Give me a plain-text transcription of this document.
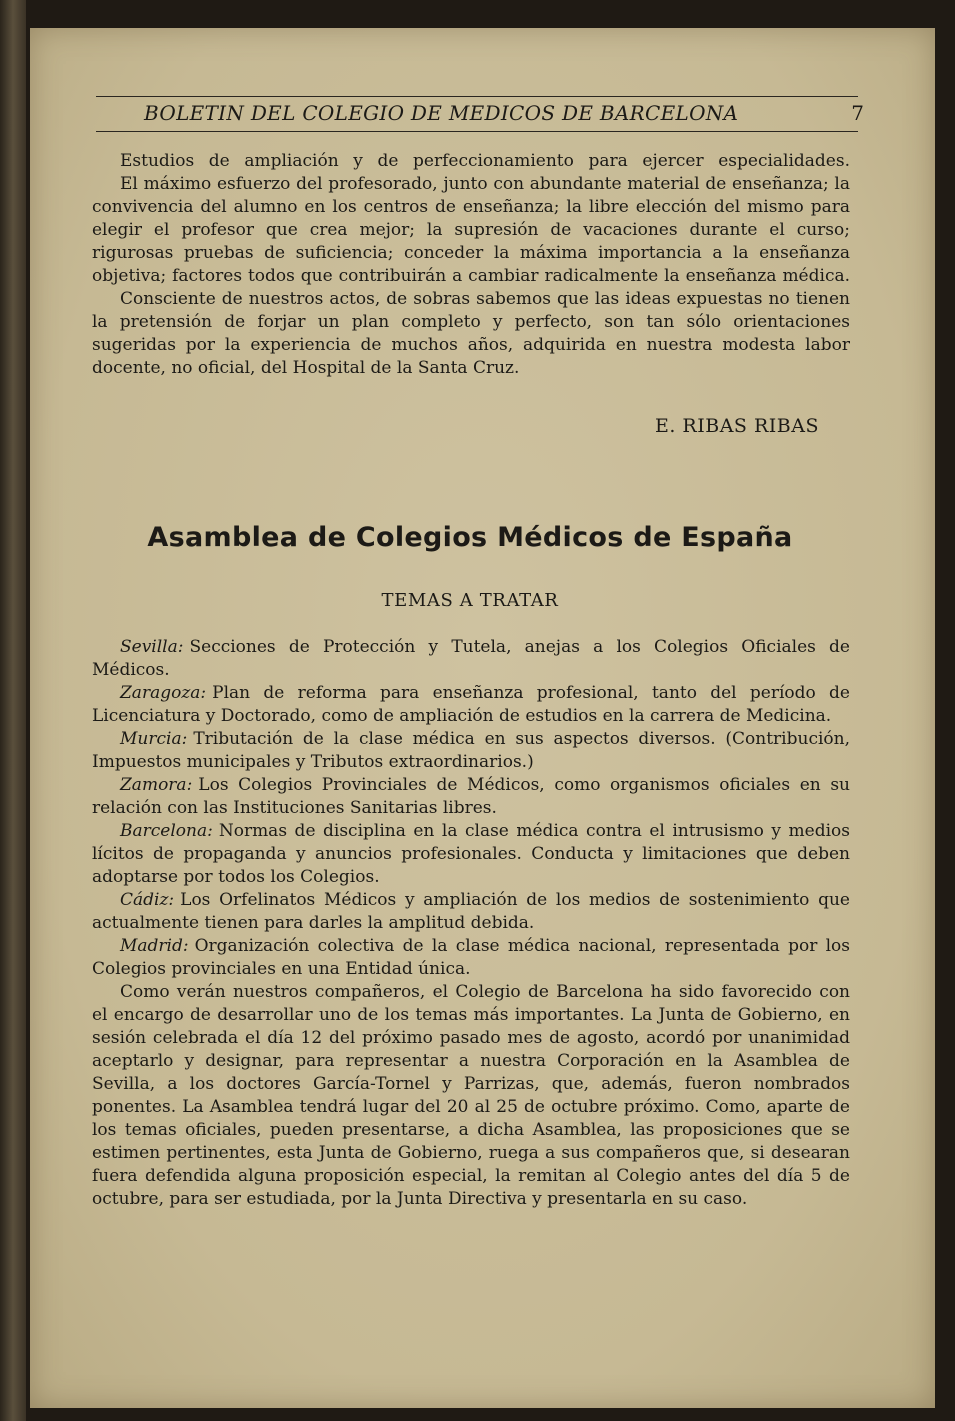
BOLETIN DEL COLEGIO DE MEDICOS DE BARCELONA	7

Estudios de ampliación y de perfeccionamiento para ejercer especialidades.

El máximo esfuerzo del profesorado, junto con abundante material de enseñanza; la convivencia del alumno en los centros de enseñanza; la libre elección del mismo para elegir el profesor que crea mejor; la supresión de vacaciones durante el curso; rigurosas pruebas de suficiencia; conceder la máxima importancia a la enseñanza objetiva; factores todos que contribuirán a cambiar radicalmente la enseñanza médica.

Consciente de nuestros actos, de sobras sabemos que las ideas expuestas no tienen la pretensión de forjar un plan completo y perfecto, son tan sólo orientaciones sugeridas por la experiencia de muchos años, adquirida en nuestra modesta labor docente, no oficial, del Hospital de la Santa Cruz.

E. RIBAS RIBAS
Asamblea de Colegios Médicos de España
TEMAS A TRATAR

Sevilla: Secciones de Protección y Tutela, anejas a los Colegios Oficiales de Médicos.

Zaragoza: Plan de reforma para enseñanza profesional, tanto del período de Licenciatura y Doctorado, como de ampliación de estudios en la carrera de Medicina.

Murcia: Tributación de la clase médica en sus aspectos diversos. (Contribución, Impuestos municipales y Tributos extraordinarios.)

Zamora: Los Colegios Provinciales de Médicos, como organismos oficiales en su relación con las Instituciones Sanitarias libres.

Barcelona: Normas de disciplina en la clase médica contra el intrusismo y medios lícitos de propaganda y anuncios profesionales. Conducta y limitaciones que deben adoptarse por todos los Colegios.

Cádiz: Los Orfelinatos Médicos y ampliación de los medios de sostenimiento que actualmente tienen para darles la amplitud debida.

Madrid: Organización colectiva de la clase médica nacional, representada por los Colegios provinciales en una Entidad única.

Como verán nuestros compañeros, el Colegio de Barcelona ha sido favorecido con el encargo de desarrollar uno de los temas más importantes. La Junta de Gobierno, en sesión celebrada el día 12 del próximo pasado mes de agosto, acordó por unanimidad aceptarlo y designar, para representar a nuestra Corporación en la Asamblea de Sevilla, a los doctores García-Tornel y Parrizas, que, además, fueron nombrados ponentes. La Asamblea tendrá lugar del 20 al 25 de octubre próximo. Como, aparte de los temas oficiales, pueden presentarse, a dicha Asamblea, las proposiciones que se estimen pertinentes, esta Junta de Gobierno, ruega a sus compañeros que, si desearan fuera defendida alguna proposición especial, la remitan al Colegio antes del día 5 de octubre, para ser estudiada, por la Junta Directiva y presentarla en su caso.
